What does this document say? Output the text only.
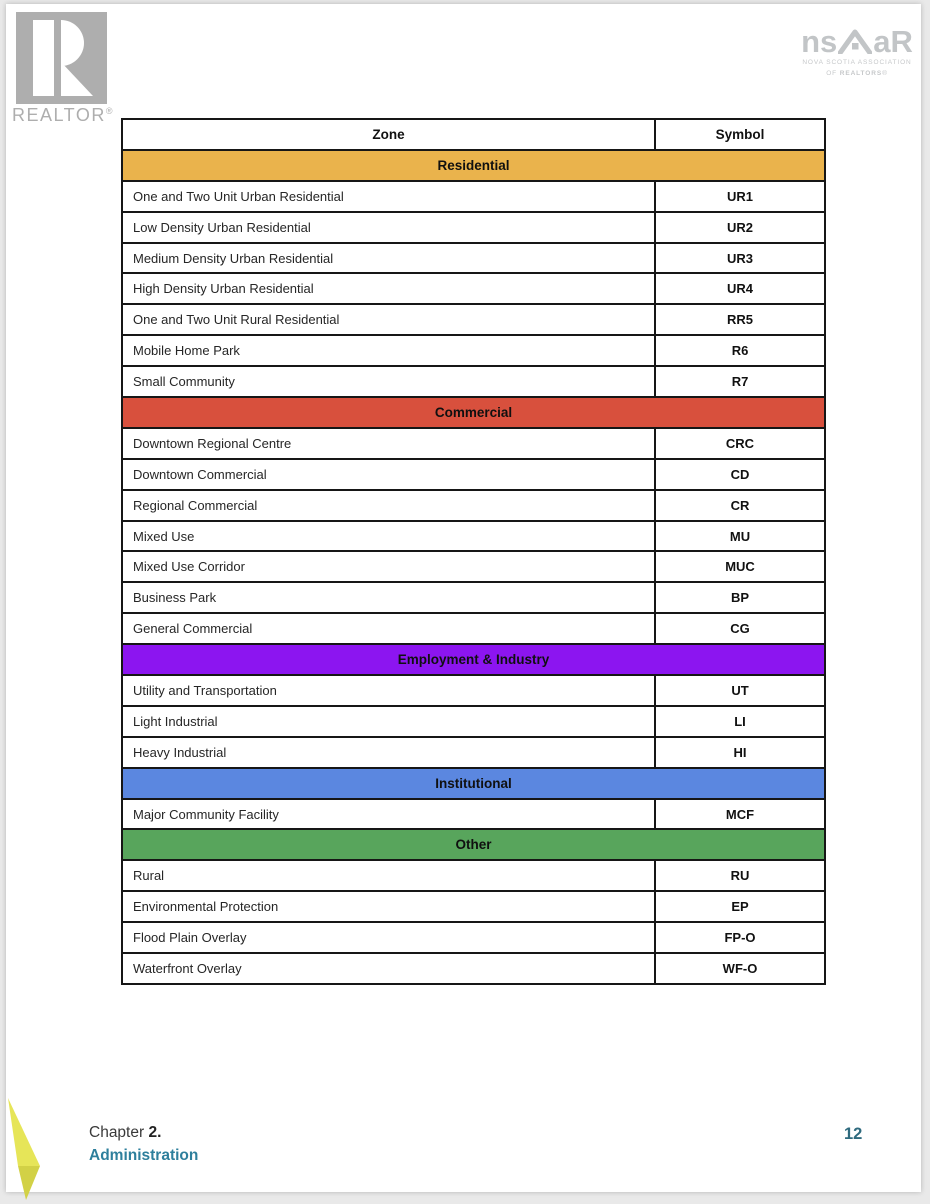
REALTOR®
ns aR
NOVA SCOTIA ASSOCIATION
OF REALTORS®
Zone	Symbol
Residential	
One and Two Unit Urban Residential	UR1
Low Density Urban Residential	UR2
Medium Density Urban Residential	UR3
High Density Urban Residential	UR4
One and Two Unit Rural Residential	RR5
Mobile Home Park	R6
Small Community	R7
Commercial	
Downtown Regional Centre	CRC
Downtown Commercial	CD
Regional Commercial	CR
Mixed Use	MU
Mixed Use Corridor	MUC
Business Park	BP
General Commercial	CG
Employment & Industry	
Utility and Transportation	UT
Light Industrial	LI
Heavy Industrial	HI
Institutional	
Major Community Facility	MCF
Other	
Rural	RU
Environmental Protection	EP
Flood Plain Overlay	FP-O
Waterfront Overlay	WF-O
Chapter 2.
Administration
12
